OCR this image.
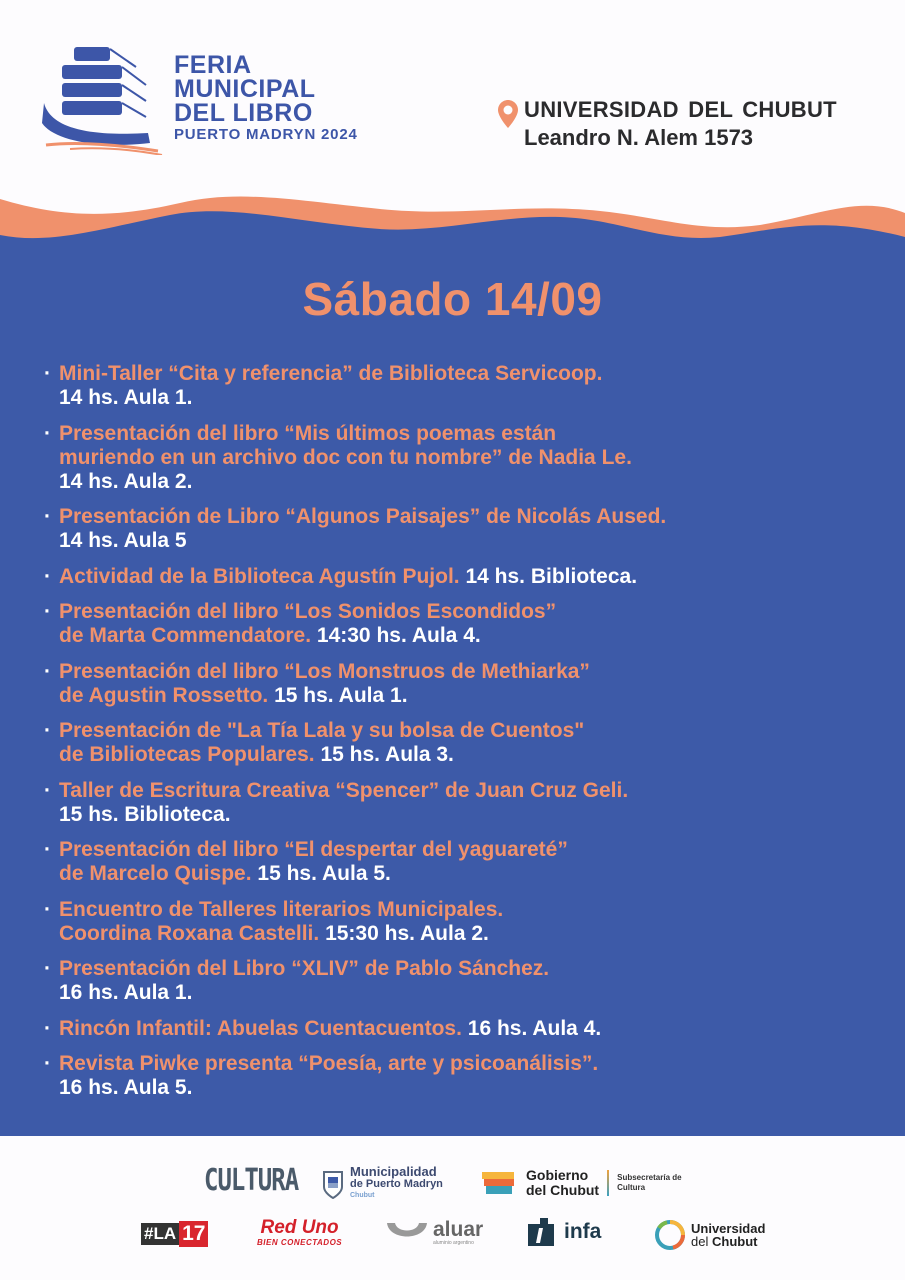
FERIA
MUNICIPAL
DEL LIBRO
PUERTO MADRYN 2024
UNIVERSIDAD DEL CHUBUT
Leandro N. Alem 1573
Sábado 14/09
· Mini-Taller “Cita y referencia” de Biblioteca Servicoop.
14 hs. Aula 1.
· Presentación del libro “Mis últimos poemas están
muriendo en un archivo doc con tu nombre” de Nadia Le.
14 hs. Aula 2.
· Presentación de Libro “Algunos Paisajes” de Nicolás Aused.
14 hs. Aula 5
· Actividad de la Biblioteca Agustín Pujol. 14 hs. Biblioteca.
· Presentación del libro “Los Sonidos Escondidos”
de Marta Commendatore. 14:30 hs. Aula 4.
· Presentación del libro “Los Monstruos de Methiarka”
de Agustin Rossetto. 15 hs. Aula 1.
· Presentación de "La Tía Lala y su bolsa de Cuentos"
de Bibliotecas Populares. 15 hs. Aula 3.
· Taller de Escritura Creativa “Spencer” de Juan Cruz Geli.
15 hs. Biblioteca.
· Presentación del libro “El despertar del yaguareté”
de Marcelo Quispe. 15 hs. Aula 5.
· Encuentro de Talleres literarios Municipales.
Coordina Roxana Castelli. 15:30 hs. Aula 2.
· Presentación del Libro “XLIV” de Pablo Sánchez.
16 hs. Aula 1.
· Rincón Infantil: Abuelas Cuentacuentos. 16 hs. Aula 4.
· Revista Piwke presenta “Poesía, arte y psicoanálisis”.
16 hs. Aula 5.
CULTURA	Municipalidad
de Puerto Madryn
Chubut
Gobierno
del Chubut
Subsecretaría de
Cultura
#LA 17	Red Uno
BIEN CONECTADOS
aluar
aluminio argentino	infa	Universidad
del Chubut
